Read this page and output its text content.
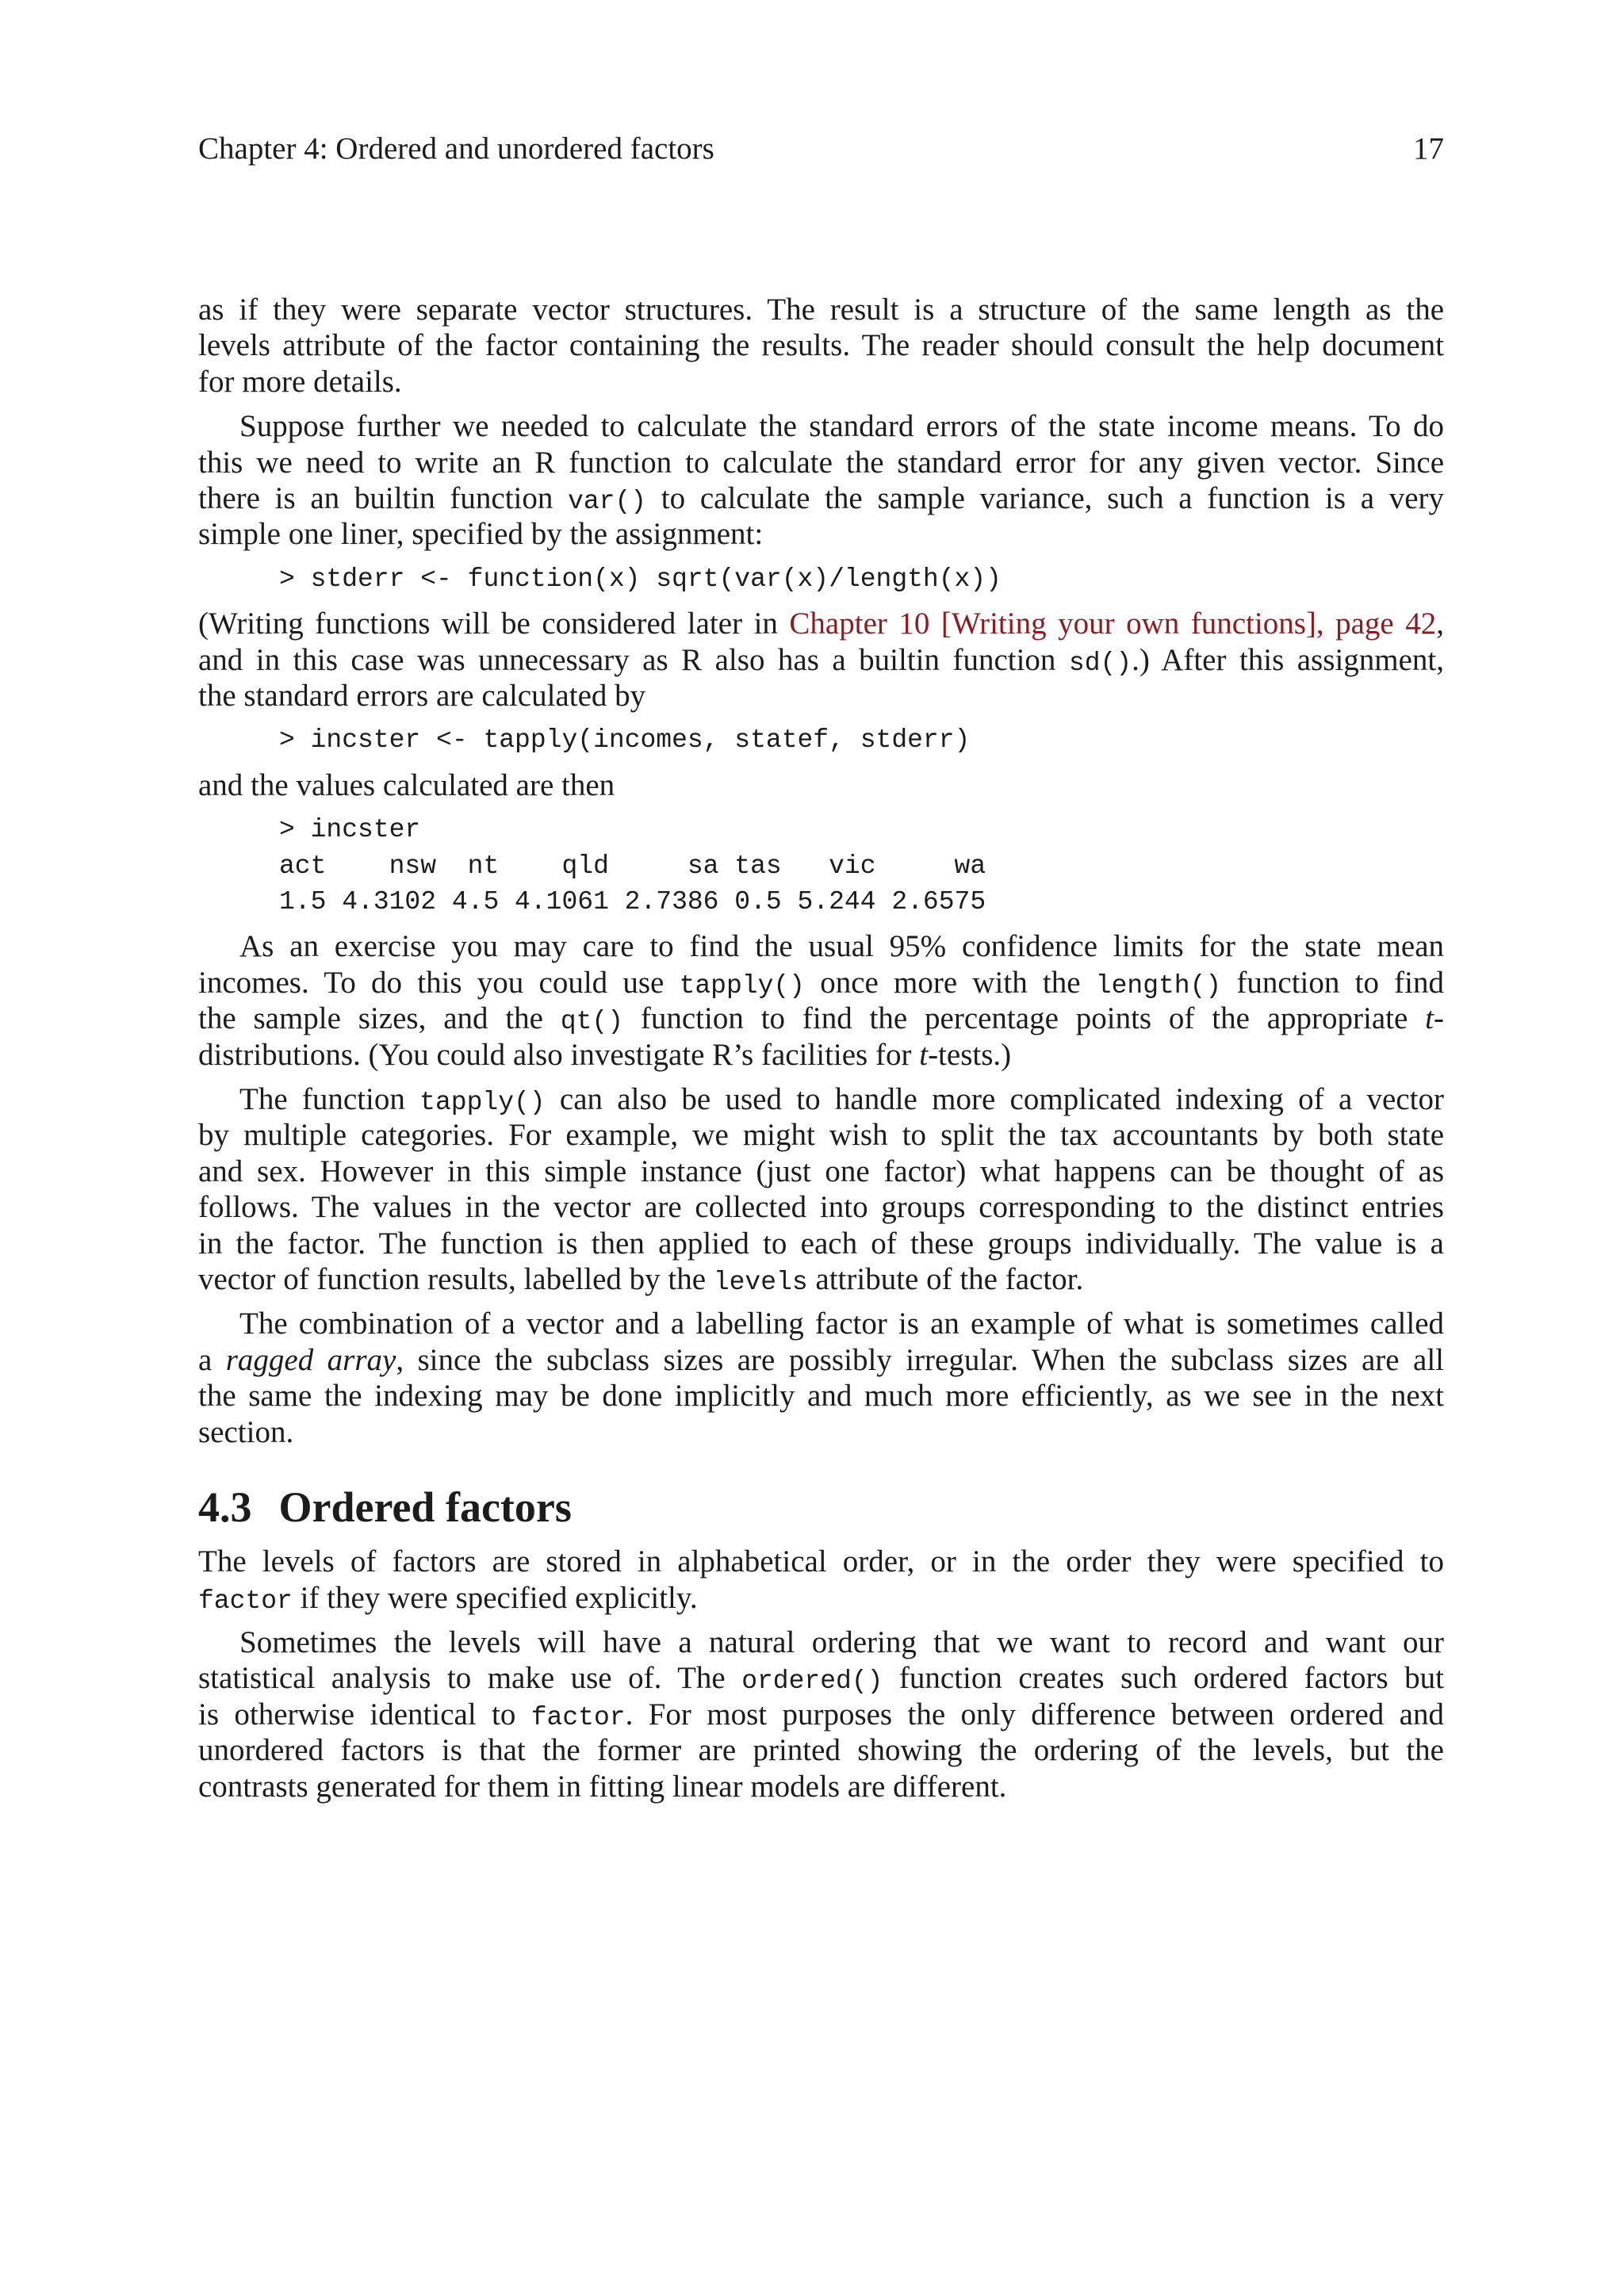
Chapter 4: Ordered and unordered factors	17
as if they were separate vector structures. The result is a structure of the same length as the
levels attribute of the factor containing the results. The reader should consult the help document
for more details.
Suppose further we needed to calculate the standard errors of the state income means. To do
this we need to write an R function to calculate the standard error for any given vector. Since
there is an builtin function var() to calculate the sample variance, such a function is a very
simple one liner, specified by the assignment:
> stderr <- function(x) sqrt(var(x)/length(x))
(Writing functions will be considered later in Chapter 10 [Writing your own functions], page 42,
and in this case was unnecessary as R also has a builtin function sd().) After this assignment,
the standard errors are calculated by
> incster <- tapply(incomes, statef, stderr)
and the values calculated are then
> incster
act    nsw  nt    qld     sa tas   vic     wa
1.5 4.3102 4.5 4.1061 2.7386 0.5 5.244 2.6575
As an exercise you may care to find the usual 95% confidence limits for the state mean
incomes. To do this you could use tapply() once more with the length() function to find
the sample sizes, and the qt() function to find the percentage points of the appropriate t-
distributions. (You could also investigate R’s facilities for t-tests.)
The function tapply() can also be used to handle more complicated indexing of a vector
by multiple categories. For example, we might wish to split the tax accountants by both state
and sex. However in this simple instance (just one factor) what happens can be thought of as
follows. The values in the vector are collected into groups corresponding to the distinct entries
in the factor. The function is then applied to each of these groups individually. The value is a
vector of function results, labelled by the levels attribute of the factor.
The combination of a vector and a labelling factor is an example of what is sometimes called
a ragged array, since the subclass sizes are possibly irregular. When the subclass sizes are all
the same the indexing may be done implicitly and much more efficiently, as we see in the next
section.
4.3 Ordered factors
The levels of factors are stored in alphabetical order, or in the order they were specified to
factor if they were specified explicitly.
Sometimes the levels will have a natural ordering that we want to record and want our
statistical analysis to make use of. The ordered() function creates such ordered factors but
is otherwise identical to factor. For most purposes the only difference between ordered and
unordered factors is that the former are printed showing the ordering of the levels, but the
contrasts generated for them in fitting linear models are different.
